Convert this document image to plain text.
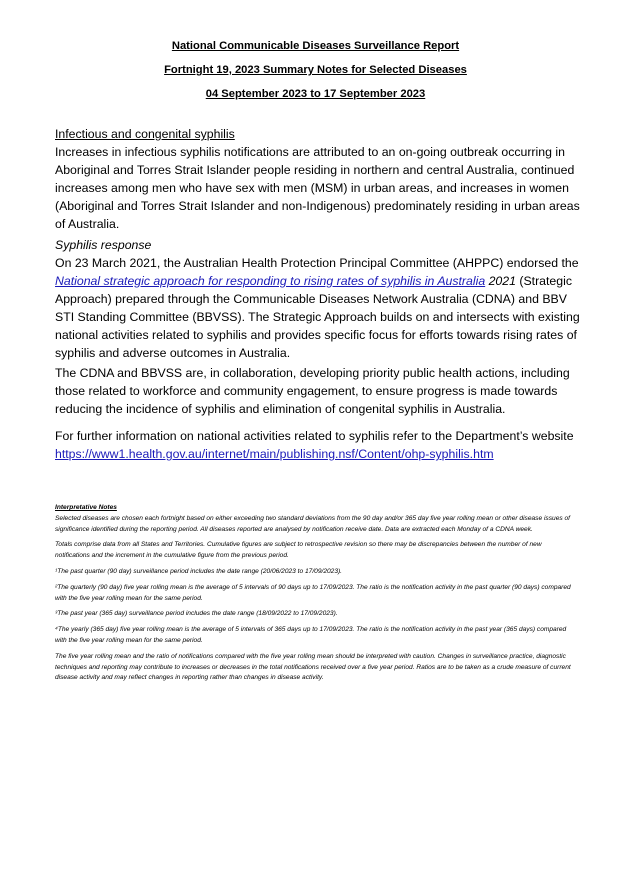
National Communicable Diseases Surveillance Report
Fortnight 19, 2023 Summary Notes for Selected Diseases
04 September 2023 to 17 September 2023
Infectious and congenital syphilis
Increases in infectious syphilis notifications are attributed to an on-going outbreak occurring in Aboriginal and Torres Strait Islander people residing in northern and central Australia, continued increases among men who have sex with men (MSM) in urban areas, and increases in women (Aboriginal and Torres Strait Islander and non-Indigenous) predominately residing in urban areas of Australia.
Syphilis response
On 23 March 2021, the Australian Health Protection Principal Committee (AHPPC) endorsed the National strategic approach for responding to rising rates of syphilis in Australia 2021 (Strategic Approach) prepared through the Communicable Diseases Network Australia (CDNA) and BBV STI Standing Committee (BBVSS). The Strategic Approach builds on and intersects with existing national activities related to syphilis and provides specific focus for efforts towards rising rates of syphilis and adverse outcomes in Australia.
The CDNA and BBVSS are, in collaboration, developing priority public health actions, including those related to workforce and community engagement, to ensure progress is made towards reducing the incidence of syphilis and elimination of congenital syphilis in Australia.
For further information on national activities related to syphilis refer to the Department’s website
https://www1.health.gov.au/internet/main/publishing.nsf/Content/ohp-syphilis.htm
Interpretative Notes

Selected diseases are chosen each fortnight based on either exceeding two standard deviations from the 90 day and/or 365 day five year rolling mean or other disease issues of significance identified during the reporting period. All diseases reported are analysed by notification receive date. Data are extracted each Monday of a CDNA week.

Totals comprise data from all States and Territories. Cumulative figures are subject to retrospective revision so there may be discrepancies between the number of new notifications and the increment in the cumulative figure from the previous period.

¹The past quarter (90 day) surveillance period includes the date range (20/06/2023 to 17/09/2023).

²The quarterly (90 day) five year rolling mean is the average of 5 intervals of 90 days up to 17/09/2023. The ratio is the notification activity in the past quarter (90 days) compared with the five year rolling mean for the same period.

³The past year (365 day) surveillance period includes the date range (18/09/2022 to 17/09/2023).

⁴The yearly (365 day) five year rolling mean is the average of 5 intervals of 365 days up to 17/09/2023. The ratio is the notification activity in the past year (365 days) compared with the five year rolling mean for the same period.

The five year rolling mean and the ratio of notifications compared with the five year rolling mean should be interpreted with caution. Changes in surveillance practice, diagnostic techniques and reporting may contribute to increases or decreases in the total notifications received over a five year period. Ratios are to be taken as a crude measure of current disease activity and may reflect changes in reporting rather than changes in disease activity.
